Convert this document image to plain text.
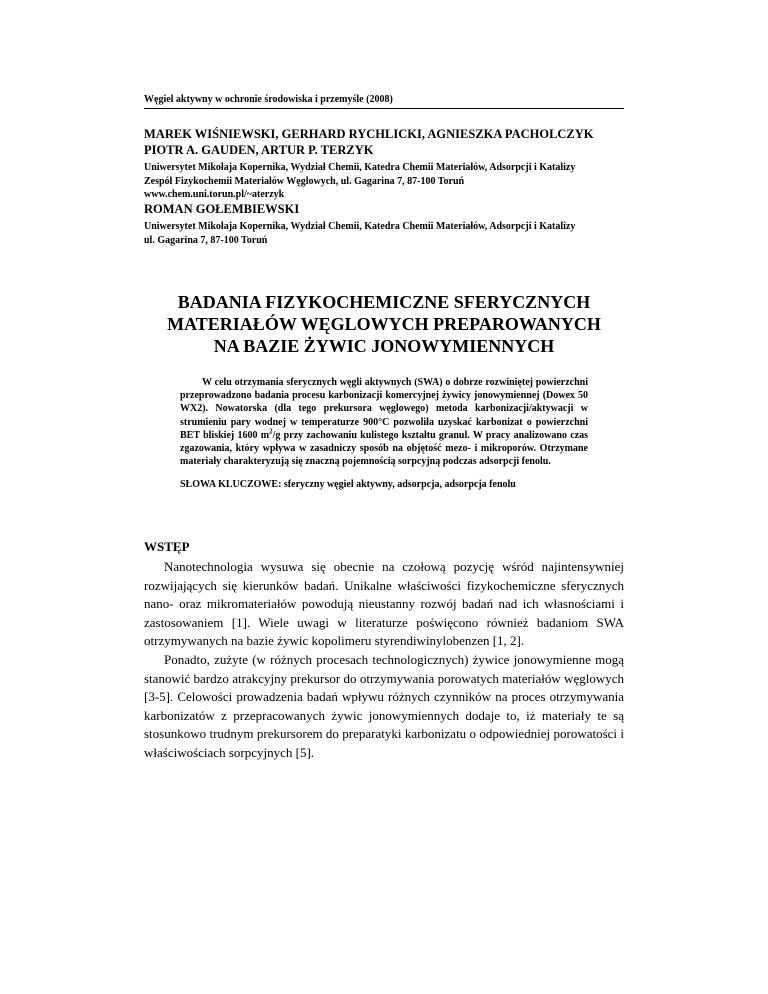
Węgiel aktywny w ochronie środowiska i przemyśle (2008)
MAREK WIŚNIEWSKI, GERHARD RYCHLICKI, AGNIESZKA PACHOLCZYK
PIOTR A. GAUDEN, ARTUR P. TERZYK
Uniwersytet Mikołaja Kopernika, Wydział Chemii, Katedra Chemii Materiałów, Adsorpcji i Katalizy
Zespół Fizykochemii Materiałów Węglowych, ul. Gagarina 7, 87-100 Toruń
www.chem.uni.torun.pl/~aterzyk
ROMAN GOŁEMBIEWSKI
Uniwersytet Mikołaja Kopernika, Wydział Chemii, Katedra Chemii Materiałów, Adsorpcji i Katalizy
ul. Gagarina 7, 87-100 Toruń
BADANIA FIZYKOCHEMICZNE SFERYCZNYCH
MATERIAŁÓW WĘGLOWYCH PREPAROWANYCH
NA BAZIE ŻYWIC JONOWYMIENNYCH
W celu otrzymania sferycznych węgli aktywnych (SWA) o dobrze rozwiniętej powierzchni przeprowadzono badania procesu karbonizacji komercyjnej żywicy jonowymiennej (Dowex 50 WX2). Nowatorska (dla tego prekursora węglowego) metoda karbonizacji/aktywacji w strumieniu pary wodnej w temperaturze 900°C pozwoliła uzyskać karbonizat o powierzchni BET bliskiej 1600 $m^2/g$ przy zachowaniu kulistego kształtu granul. W pracy analizowano czas zgazowania, który wpływa w zasadniczy sposób na objętość mezo- i mikroporów. Otrzymane materiały charakteryzują się znaczną pojemnością sorpcyjną podczas adsorpcji fenolu.
SŁOWA KLUCZOWE: sferyczny węgiel aktywny, adsorpcja, adsorpcja fenolu
WSTĘP

Nanotechnologia wysuwa się obecnie na czołową pozycję wśród najintensywniej rozwijających się kierunków badań. Unikalne właściwości fizykochemiczne sferycznych nano- oraz mikromateriałów powodują nieustanny rozwój badań nad ich własnościami i zastosowaniem [1]. Wiele uwagi w literaturze poświęcono również badaniom SWA otrzymywanych na bazie żywic kopolimeru styrendiwinylobenzen [1, 2].

Ponadto, zużyte (w różnych procesach technologicznych) żywice jonowymienne mogą stanowić bardzo atrakcyjny prekursor do otrzymywania porowatych materiałów węglowych [3-5]. Celowości prowadzenia badań wpływu różnych czynników na proces otrzymywania karbonizatów z przepracowanych żywic jonowymiennych dodaje to, iż materiały te są stosunkowo trudnym prekursorem do preparatyki karbonizatu o odpowiedniej porowatości i właściwościach sorpcyjnych [5].
